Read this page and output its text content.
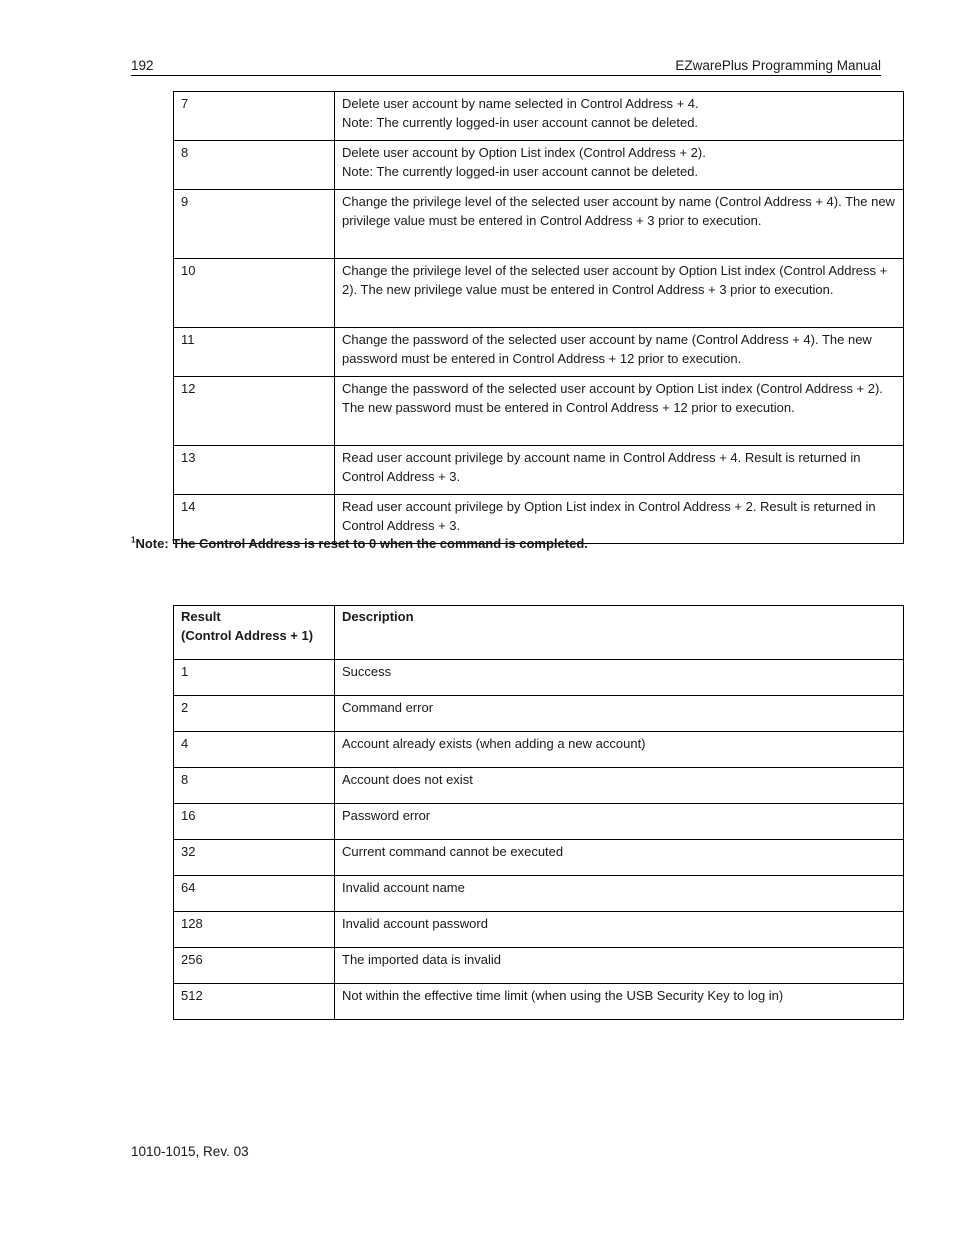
192	EZwarePlus Programming Manual
7	Delete user account by name selected in Control Address + 4.
Note: The currently logged-in user account cannot be deleted.

8	Delete user account by Option List index (Control Address + 2).
Note: The currently logged-in user account cannot be deleted.

9	Change the privilege level of the selected user account by name (Control Address + 4). The new privilege value must be entered in Control Address + 3 prior to execution.

10	Change the privilege level of the selected user account by Option List index (Control Address + 2). The new privilege value must be entered in Control Address + 3 prior to execution.

11	Change the password of the selected user account by name (Control Address + 4). The new password must be entered in Control Address + 12 prior to execution.

12	Change the password of the selected user account by Option List index (Control Address + 2). The new password must be entered in Control Address + 12 prior to execution.

13	Read user account privilege by account name in Control Address + 4. Result is returned in Control Address + 3.

14	Read user account privilege by Option List index in Control Address + 2. Result is returned in Control Address + 3.
$^1$Note: The Control Address is reset to 0 when the command is completed.
Result
(Control Address + 1)	Description
1	Success
2	Command error
4	Account already exists (when adding a new account)
8	Account does not exist
16	Password error
32	Current command cannot be executed
64	Invalid account name
128	Invalid account password
256	The imported data is invalid
512	Not within the effective time limit (when using the USB Security Key to log in)
1010-1015, Rev. 03
